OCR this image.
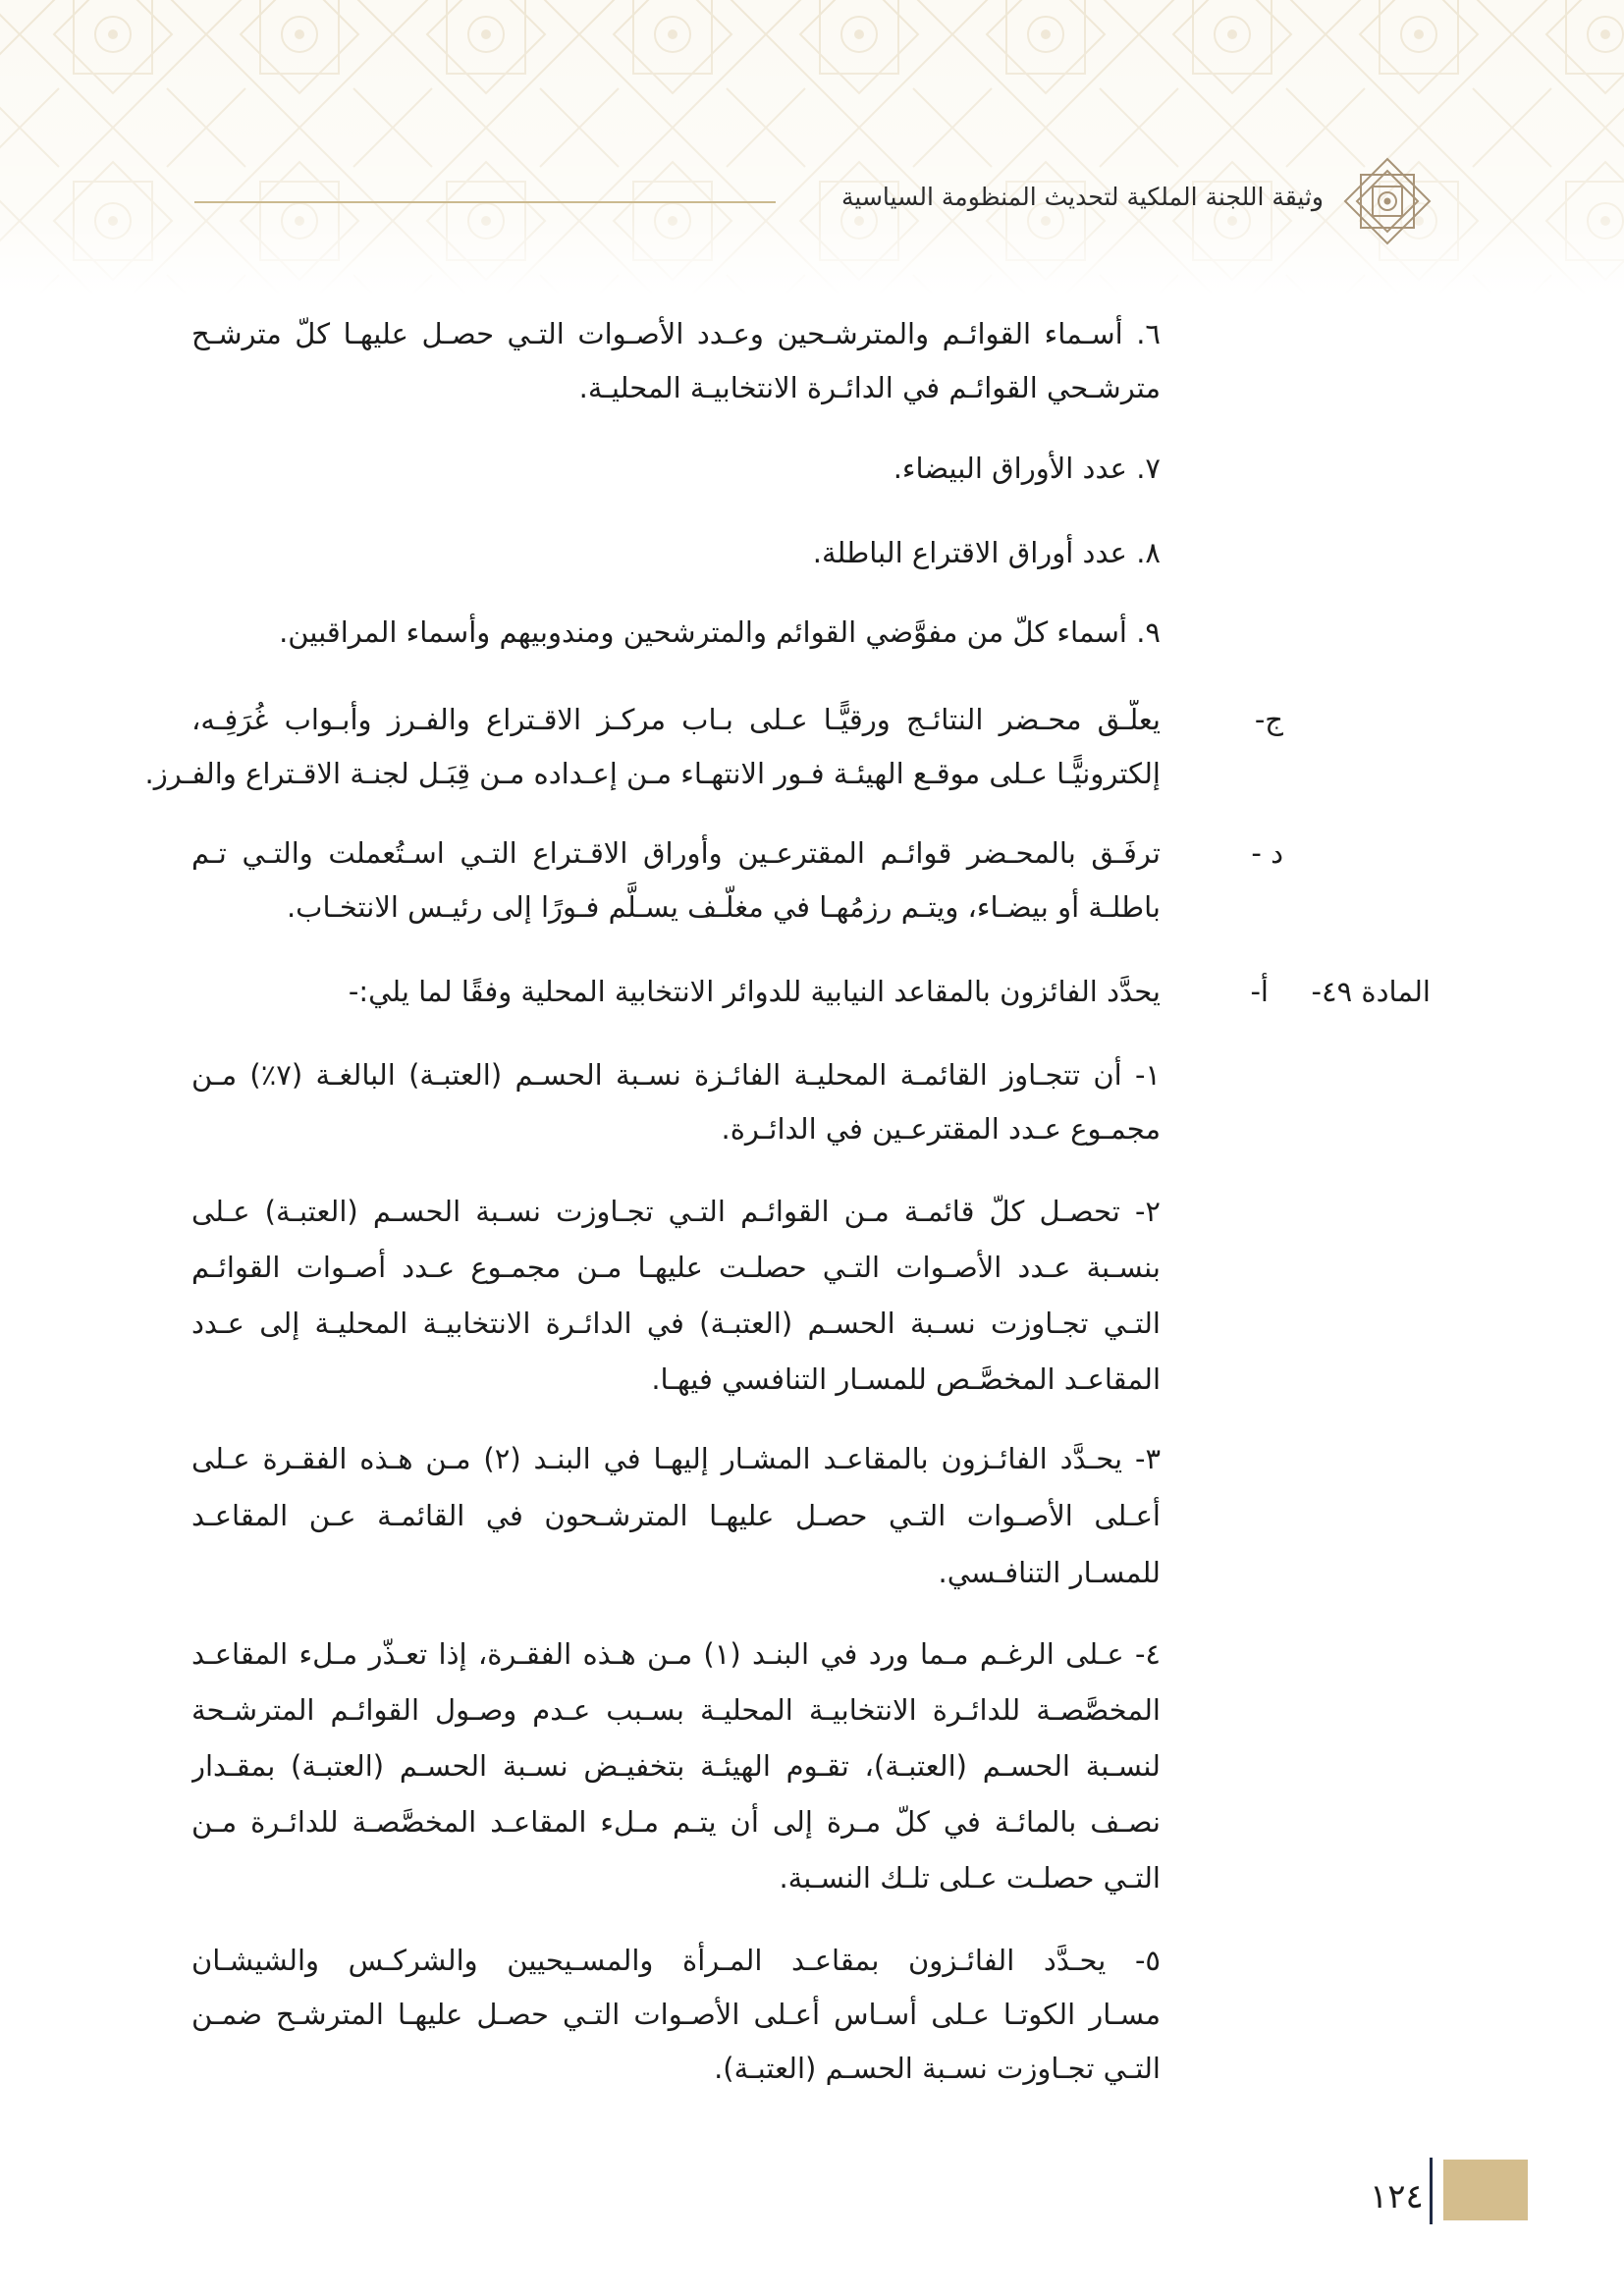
وثيقة اللجنة الملكية لتحديث المنظومة السياسية
٦. أسـماء القوائـم والمترشـحين وعـدد الأصـوات التـي حصـل عليهـا كلّ مترشـح
مترشـحي القوائـم في الدائـرة الانتخابيـة المحليـة.
٧. عدد الأوراق البيضاء.
٨. عدد أوراق الاقتراع الباطلة.
٩. أسماء كلّ من مفوَّضي القوائم والمترشحين ومندوبيهم وأسماء المراقبين.
ج-
يعلَّـق محـضر النتائـج ورقيًّـا عـلى بـاب مركـز الاقـتراع والفـرز وأبـواب غُرَفِـه،
إلكترونيًّـا عـلى موقـع الهيئـة فـور الانتهـاء مـن إعـداده مـن قِبَـل لجنـة الاقـتراع والفـرز.
د -
ترفَـق بالمحـضر قوائـم المقترعـين وأوراق الاقـتراع التـي اسـتُعملت والتـي تـم
باطلـة أو بيضـاء، ويتـم رزمُهـا في مغلّـف يسـلَّم فـورًا إلى رئيـس الانتخـاب.
أ- المادة ٤٩-
يحدَّد الفائزون بالمقاعد النيابية للدوائر الانتخابية المحلية وفقًا لما يلي:-
١- أن تتجـاوز القائمـة المحليـة الفائـزة نسـبة الحسـم (العتبـة) البالغـة (٧٪) مـن
مجمـوع عـدد المقترعـين في الدائـرة.
٢- تحصـل كلّ قائمـة مـن القوائـم التـي تجـاوزت نسـبة الحسـم (العتبـة) عـلى
بنسـبة عـدد الأصـوات التـي حصلـت عليهـا مـن مجمـوع عـدد أصـوات القوائـم
التـي تجـاوزت نسـبة الحسـم (العتبـة) في الدائـرة الانتخابيـة المحليـة إلى عـدد
المقاعـد المخصَّـص للمسـار التنافسي فيهـا.
٣- يحـدَّد الفائـزون بالمقاعـد المشـار إليهـا في البنـد (٢) مـن هـذه الفقـرة عـلى
أعـلى الأصـوات التـي حصـل عليهـا المترشـحون في القائمـة عـن المقاعـد
للمسـار التنافـسي.
٤- عـلى الرغـم مـما ورد في البنـد (١) مـن هـذه الفقـرة، إذا تعـذّر مـلء المقاعـد
المخصَّصـة للدائـرة الانتخابيـة المحليـة بسـبب عـدم وصـول القوائـم المترشـحة
لنسـبة الحسـم (العتبـة)، تقـوم الهيئـة بتخفيـض نسـبة الحسـم (العتبـة) بمقـدار
نصـف بالمائـة في كلّ مـرة إلى أن يتـم مـلء المقاعـد المخصَّصـة للدائـرة مـن
التـي حصلـت عـلى تلـك النسـبة.
٥- يحـدَّد الفائـزون بمقاعـد المـرأة والمسـيحيين والشركـس والشيشـان
مسـار الكوتـا عـلى أسـاس أعـلى الأصـوات التـي حصـل عليهـا المترشـح ضمـن
التـي تجـاوزت نسـبة الحسـم (العتبـة).
١٢٤
